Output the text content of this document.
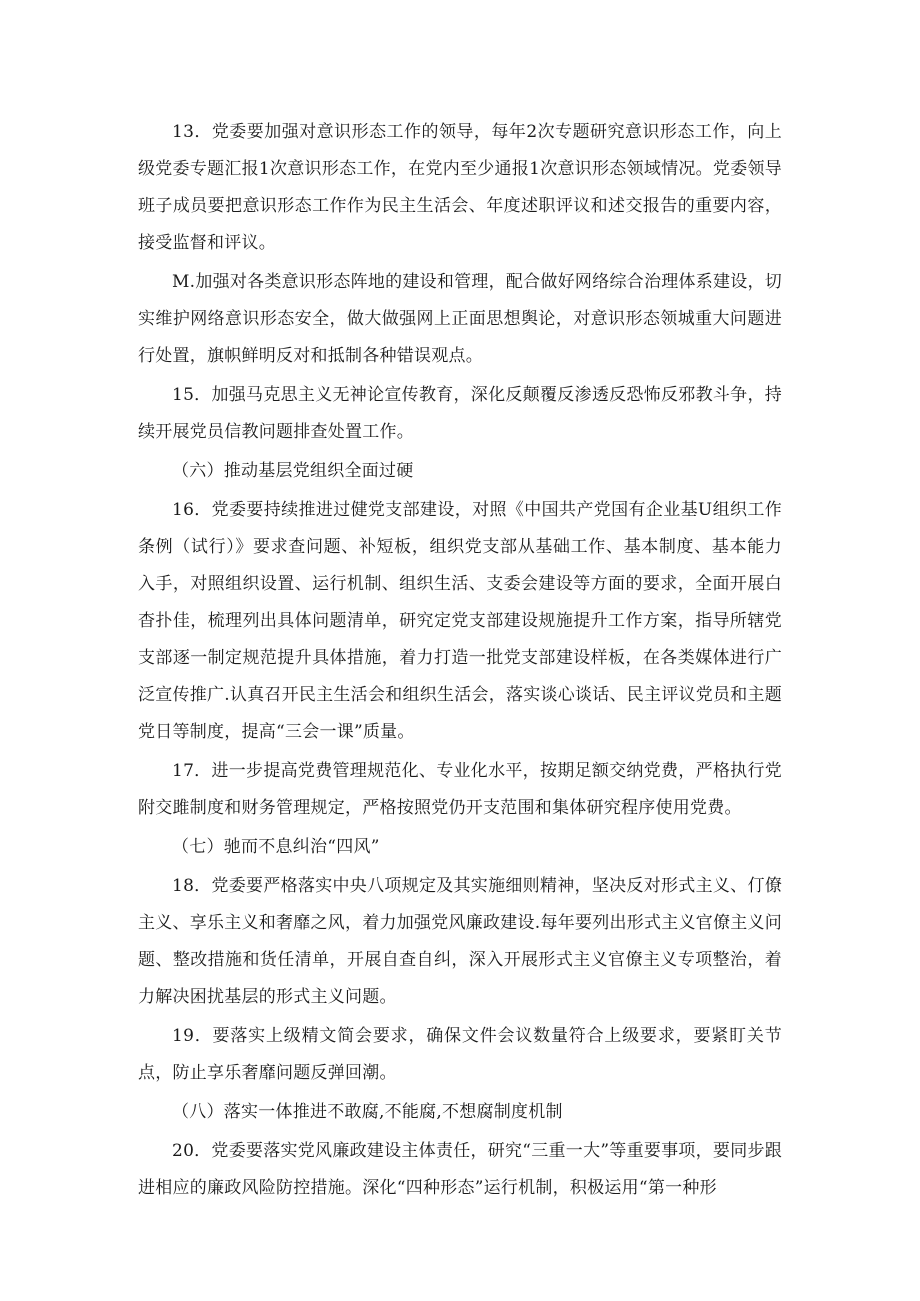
13．党委要加强对意识形态工作的领导，每年2次专题研究意识形态工作，向上级党委专题汇报1次意识形态工作，在党内至少通报1次意识形态领域情况。党委领导班子成员要把意识形态工作作为民主生活会、年度述职评议和述交报告的重要内容，接受监督和评议。

M.加强对各类意识形态阵地的建设和管理，配合做好网络综合治理体系建设，切实维护网络意识形态安全，做大做强网上正面思想舆论，对意识形态领城重大问题进行处置，旗帜鲜明反对和抵制各种错误观点。

15．加强马克思主义无神论宣传教育，深化反颠覆反渗透反恐怖反邪教斗争，持续开展党员信教问题排查处置工作。

（六）推动基层党组织全面过硬

16．党委要持续推进过健党支部建设，对照《中国共产党国有企业基U组织工作条例（试行）》要求查问题、补短板，组织党支部从基础工作、基本制度、基本能力入手，对照组织设置、运行机制、组织生活、支委会建设等方面的要求，全面开展白杳扑佳，梳理列出具体问题清单，研究定党支部建设规施提升工作方案，指导所辖党支部逐一制定规范提升具体措施，着力打造一批党支部建设样板，在各类媒体进行广泛宣传推广.认真召开民主生活会和组织生活会，落实谈心谈话、民主评议党员和主题党日等制度，提高“三会一课”质量。

17．进一步提高党费管理规范化、专业化水平，按期足额交纳党费，严格执行党附交雎制度和财务管理规定，严格按照党仍开支范围和集体研究程序使用党费。

（七）驰而不息纠治“四风”

18．党委要严格落实中央八项规定及其实施细则精神，坚决反对形式主义、仃僚主义、享乐主义和奢靡之风，着力加强党风廉政建设.每年要列出形式主义官僚主义问题、整改措施和货任清单，开展自查自纠，深入开展形式主义官僚主义专项整治，着力解决困扰基层的形式主义问题。

19．要落实上级精文简会要求，确保文件会议数量符合上级要求，要紧盯关节点，防止享乐奢靡问题反弹回潮。

（八）落实一体推进不敢腐,不能腐,不想腐制度机制

20．党委要落实党风廉政建设主体责任，研究“三重一大”等重要事项，要同步跟进相应的廉政风险防控措施。深化“四种形态”运行机制，积极运用“第一种形
